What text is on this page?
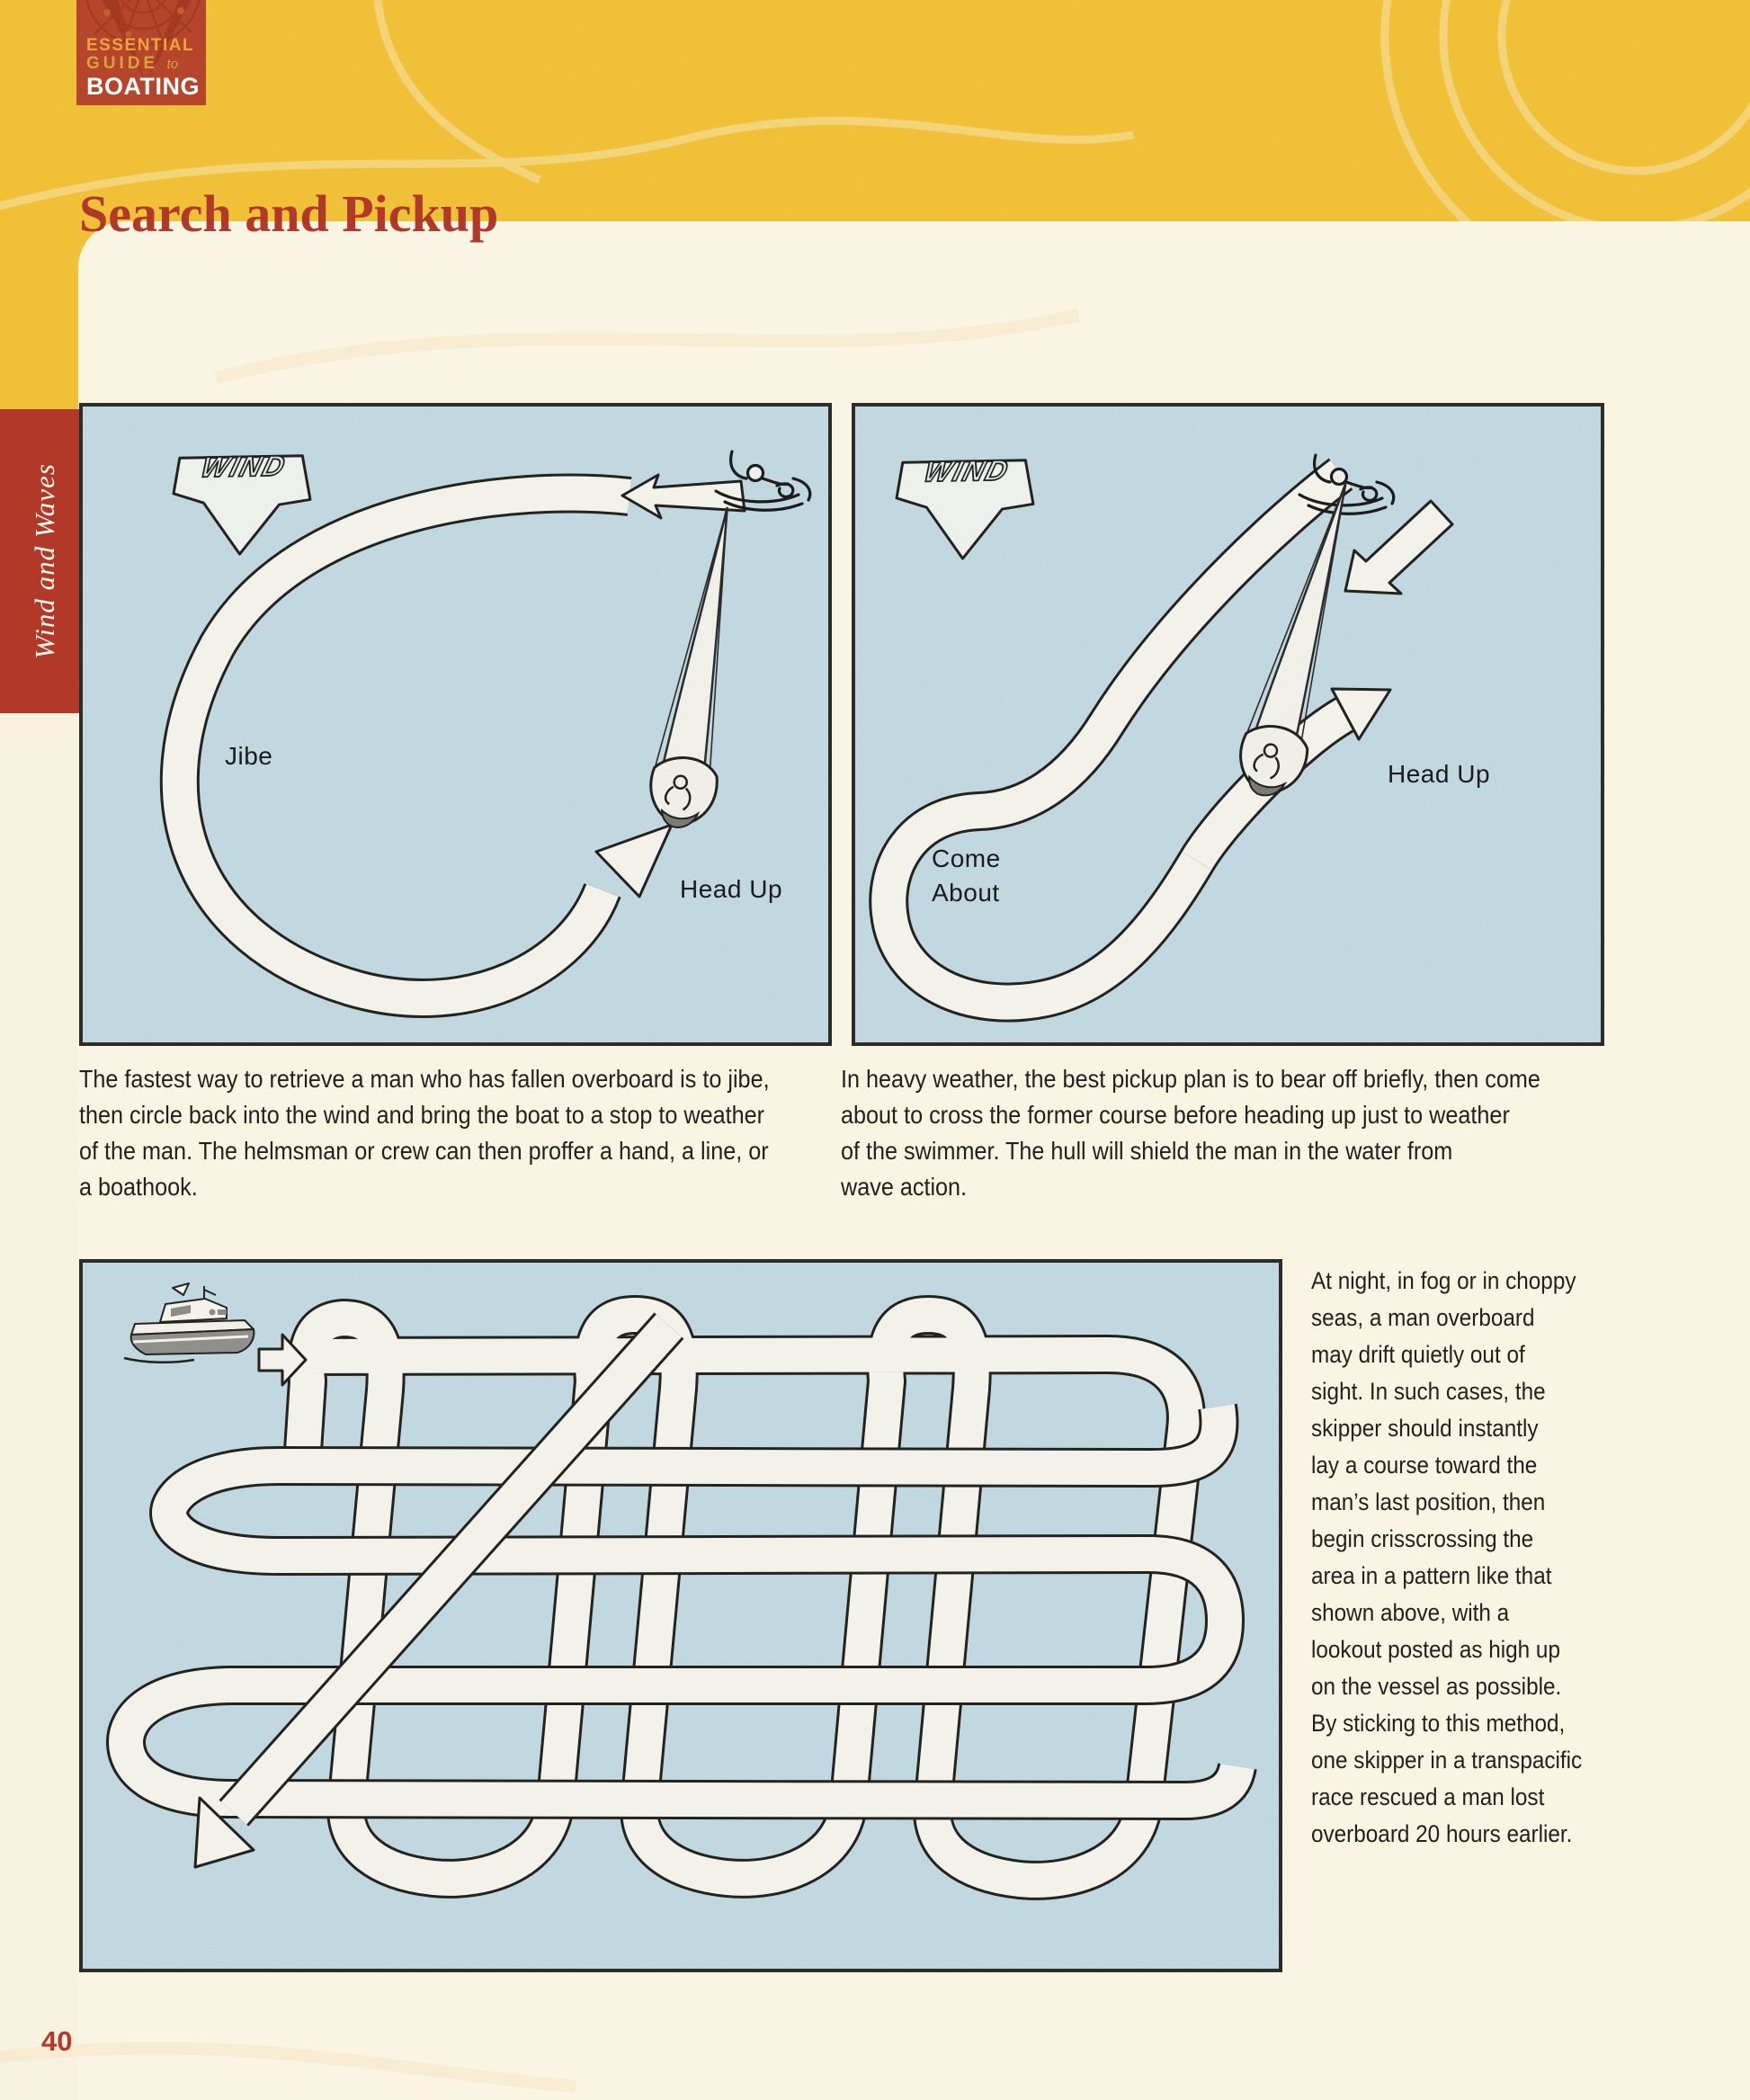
ESSENTIAL
GUIDE to
BOATING
Wind and Waves
Search and Pickup
Jibe
Head Up
Come
About
Head Up
The fastest way to retrieve a man who has fallen overboard is to jibe,
then circle back into the wind and bring the boat to a stop to weather
of the man. The helmsman or crew can then proffer a hand, a line, or
a boathook.
In heavy weather, the best pickup plan is to bear off briefly, then come
about to cross the former course before heading up just to weather
of the swimmer. The hull will shield the man in the water from
wave action.
At night, in fog or in choppy
seas, a man overboard
may drift quietly out of
sight. In such cases, the
skipper should instantly
lay a course toward the
man’s last position, then
begin crisscrossing the
area in a pattern like that
shown above, with a
lookout posted as high up
on the vessel as possible.
By sticking to this method,
one skipper in a transpacific
race rescued a man lost
overboard 20 hours earlier.
40
